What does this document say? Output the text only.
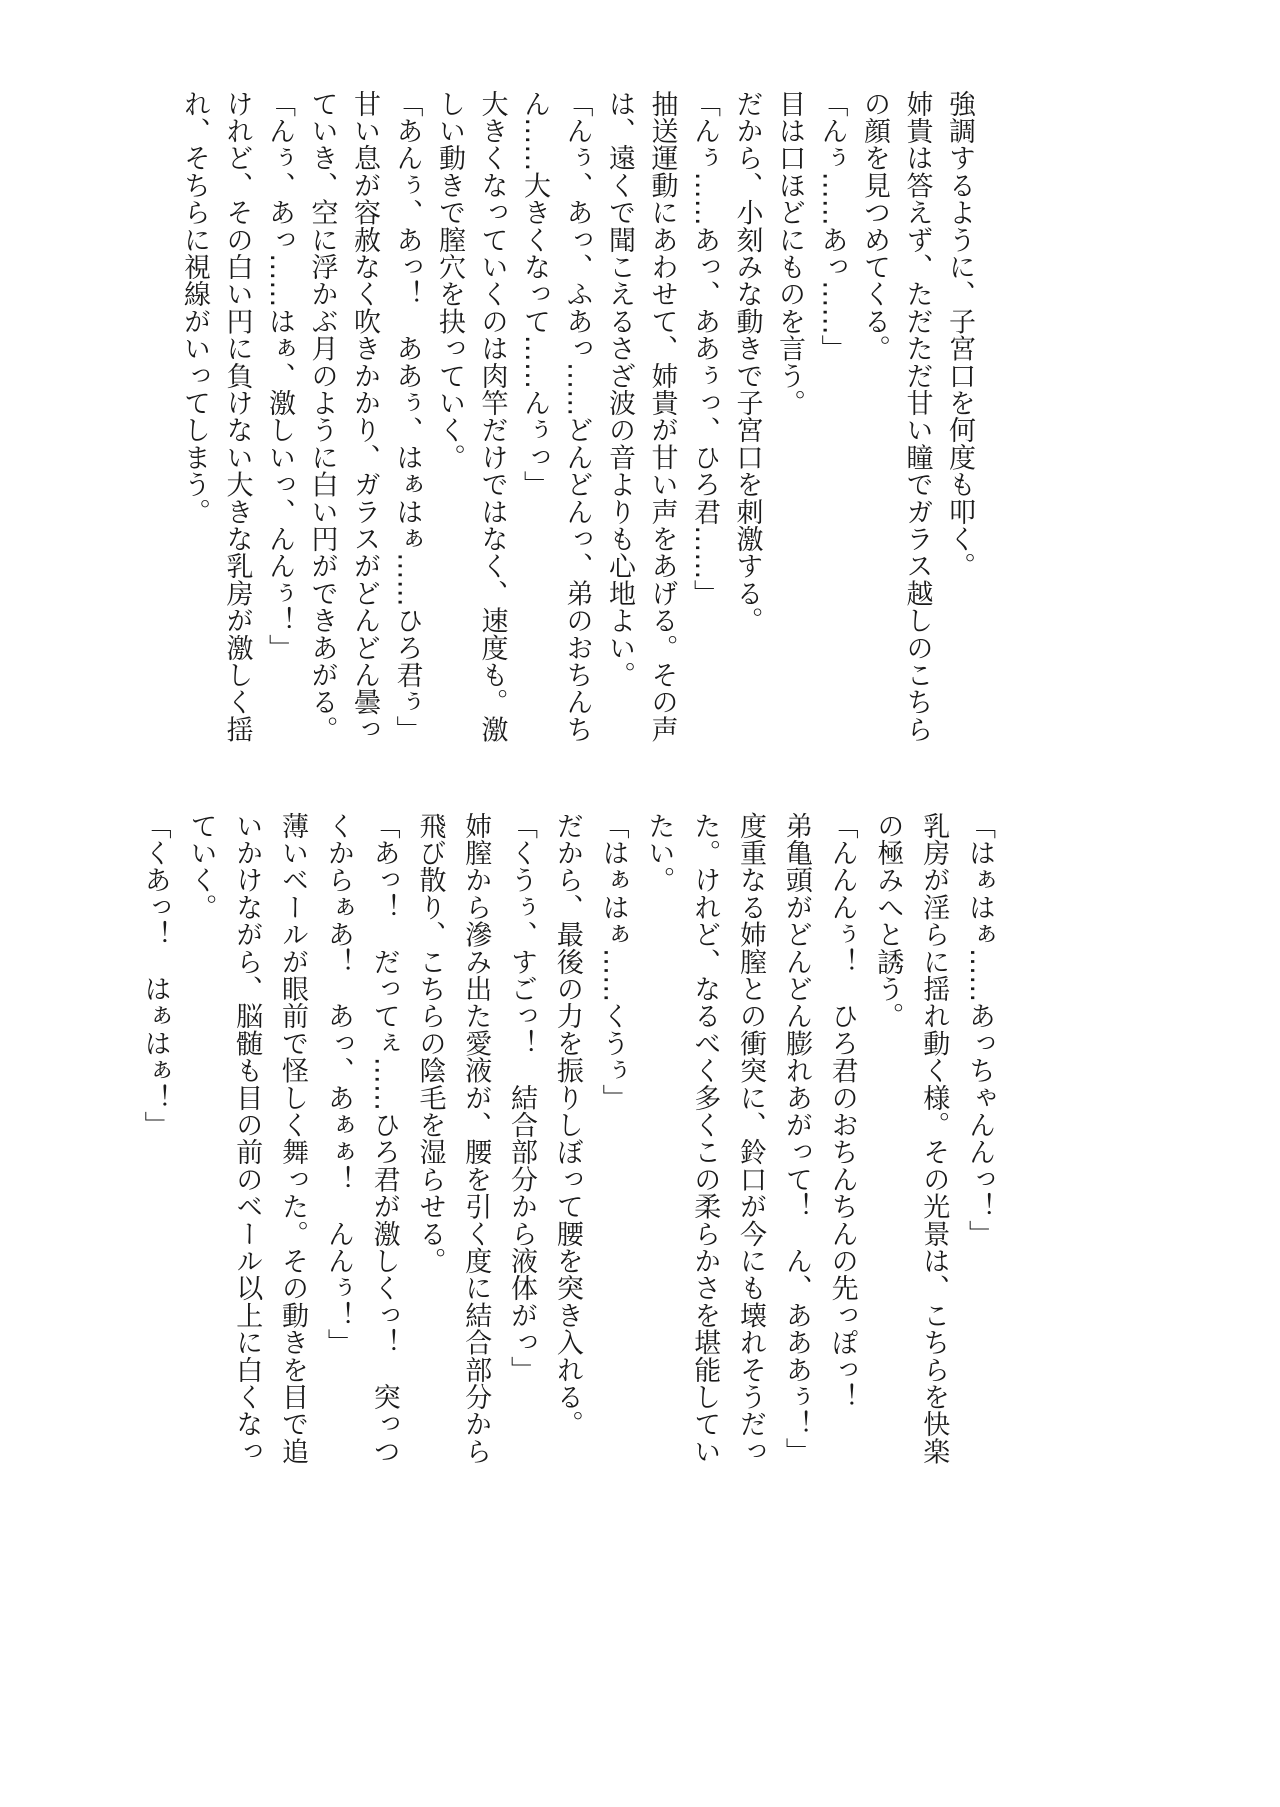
強調するように、子宮口を何度も叩く。
姉貴は答えず、ただただ甘い瞳でガラス越しのこちら
の顔を見つめてくる。
「んぅ……あっ……」
目は口ほどにものを言う。
だから、小刻みな動きで子宮口を刺激する。
「んぅ……あっ、ああぅっ、ひろ君……」
抽送運動にあわせて、姉貴が甘い声をあげる。その声
は、遠くで聞こえるさざ波の音よりも心地よい。
「んぅ、あっ、ふあっ……どんどんっ、弟のおちんち
ん……大きくなって……んぅっ」
大きくなっていくのは肉竿だけではなく、速度も。激
しい動きで膣穴を抉っていく。
「あんぅ、あっ！　ああぅ、はぁはぁ……ひろ君ぅ」
甘い息が容赦なく吹きかかり、ガラスがどんどん曇っ
ていき、空に浮かぶ月のように白い円ができあがる。
「んぅ、あっ……はぁ、激しいっ、んんぅ！」
けれど、その白い円に負けない大きな乳房が激しく揺
れ、そちらに視線がいってしまう。
「はぁはぁ……あっちゃんんっ！」
乳房が淫らに揺れ動く様。その光景は、こちらを快楽
の極みへと誘う。
「んんんぅ！　ひろ君のおちんちんの先っぽっ！
弟亀頭がどんどん膨れあがって！　ん、あああぅ！」
度重なる姉膣との衝突に、鈴口が今にも壊れそうだっ
た。けれど、なるべく多くこの柔らかさを堪能してい
たい。
「はぁはぁ……くうぅ」
だから、最後の力を振りしぼって腰を突き入れる。
「くうぅ、すごっ！　結合部分から液体がっ」
姉膣から滲み出た愛液が、腰を引く度に結合部分から
飛び散り、こちらの陰毛を湿らせる。
「あっ！　だってぇ……ひろ君が激しくっ！　突っつ
くからぁあ！　あっ、あぁぁ！　んんぅ！」
薄いベールが眼前で怪しく舞った。その動きを目で追
いかけながら、脳髄も目の前のベール以上に白くなっ
ていく。
「くあっ！　はぁはぁ！」
